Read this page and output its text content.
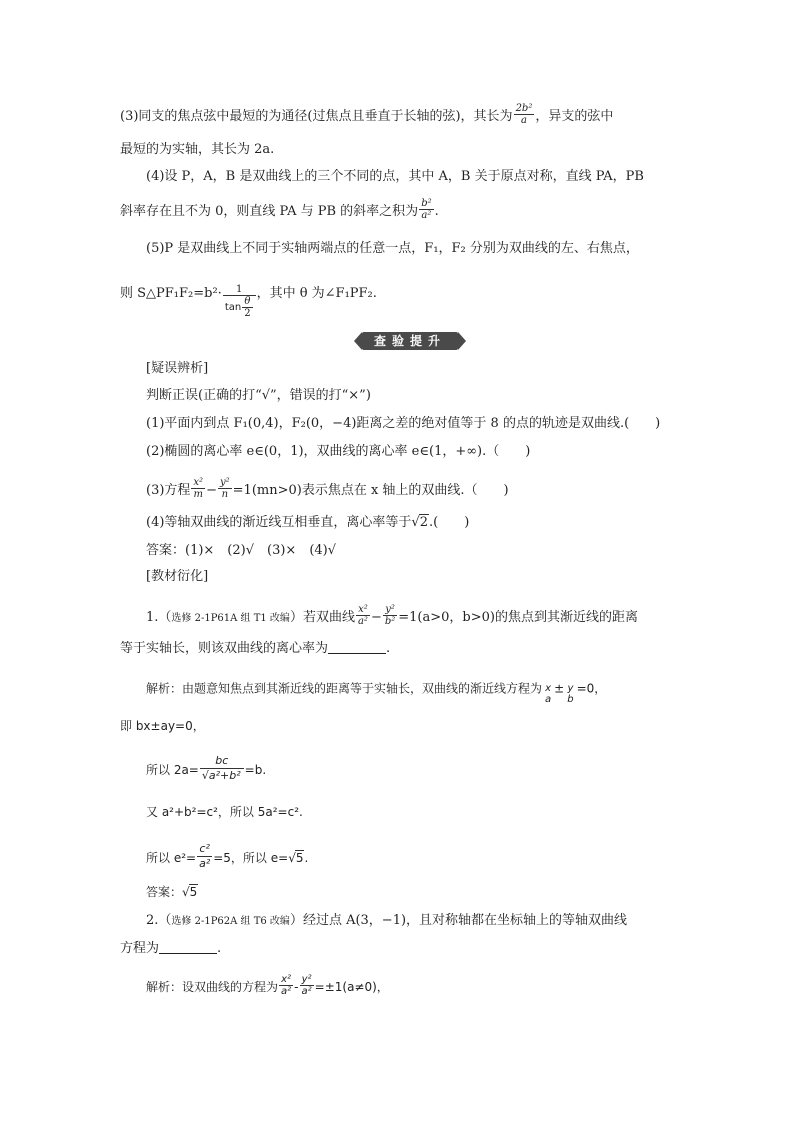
(3)同支的焦点弦中最短的为通径(过焦点且垂直于长轴的弦)，其长为 $\frac{\text{2b²}}{a}$ ，异支的弦中
最短的为实轴，其长为 2a.
(4)设 P，A，B 是双曲线上的三个不同的点，其中 A，B 关于原点对称，直线 PA，PB
斜率存在且不为 0，则直线 PA 与 PB 的斜率之积为 $\frac{\text{b²}}{\text{a²}}$ .
(5)P 是双曲线上不同于实轴两端点的任意一点，F₁，F₂ 分别为双曲线的左、右焦点，
则 S△PF₁F₂=b²· $\frac{1}{\tan \frac{\theta}{2}}$ ，其中 θ 为∠F₁PF₂.
查验提升
[疑误辨析]
判断正误(正确的打“√”，错误的打“×”)
(1)平面内到点 F₁(0,4)，F₂(0，−4)距离之差的绝对值等于 8 的点的轨迹是双曲线.(　　)
(2)椭圆的离心率 e∈(0，1)，双曲线的离心率 e∈(1，+∞).（　　)
(3)方程 $\frac{\text{x²}}{m} - \frac{\text{y²}}{n} =1(mn>0)$表示焦点在 x 轴上的双曲线.（　　)
(4)等轴双曲线的渐近线互相垂直，离心率等于√2.(　　)
答案：(1)×　(2)√　(3)×　(4)√
[教材衍化]
1.（选修 2-1P61A 组 T1 改编）若双曲线 $\frac{\text{x²}}{\text{a²}} - \frac{\text{y²}}{\text{b²}} =1(a>0$，b>0)的焦点到其渐近线的距离
等于实轴长，则该双曲线的离心率为	.
解析：由题意知焦点到其渐近线的距离等于实轴长，双曲线的渐近线方程为 x
a
± y
b
=0，
即 bx±ay=0，
所以 $2a= \frac{bc}{\text{√a²+b²}} =b$.
又 a²+b²=c²，所以 5a²=c².
所以 $e^2= \frac{\text{c²}}{\text{a²}} =5$，所以 e=√5.
答案：√5
2.（选修 2-1P62A 组 T6 改编）经过点 A(3，−1)，且对称轴都在坐标轴上的等轴双曲线
方程为	.
解析：设双曲线的方程为 $\frac{\text{x²}}{\text{a²}} - \frac{\text{y²}}{\text{a²}} =\pm 1(a\ne 0)$，
